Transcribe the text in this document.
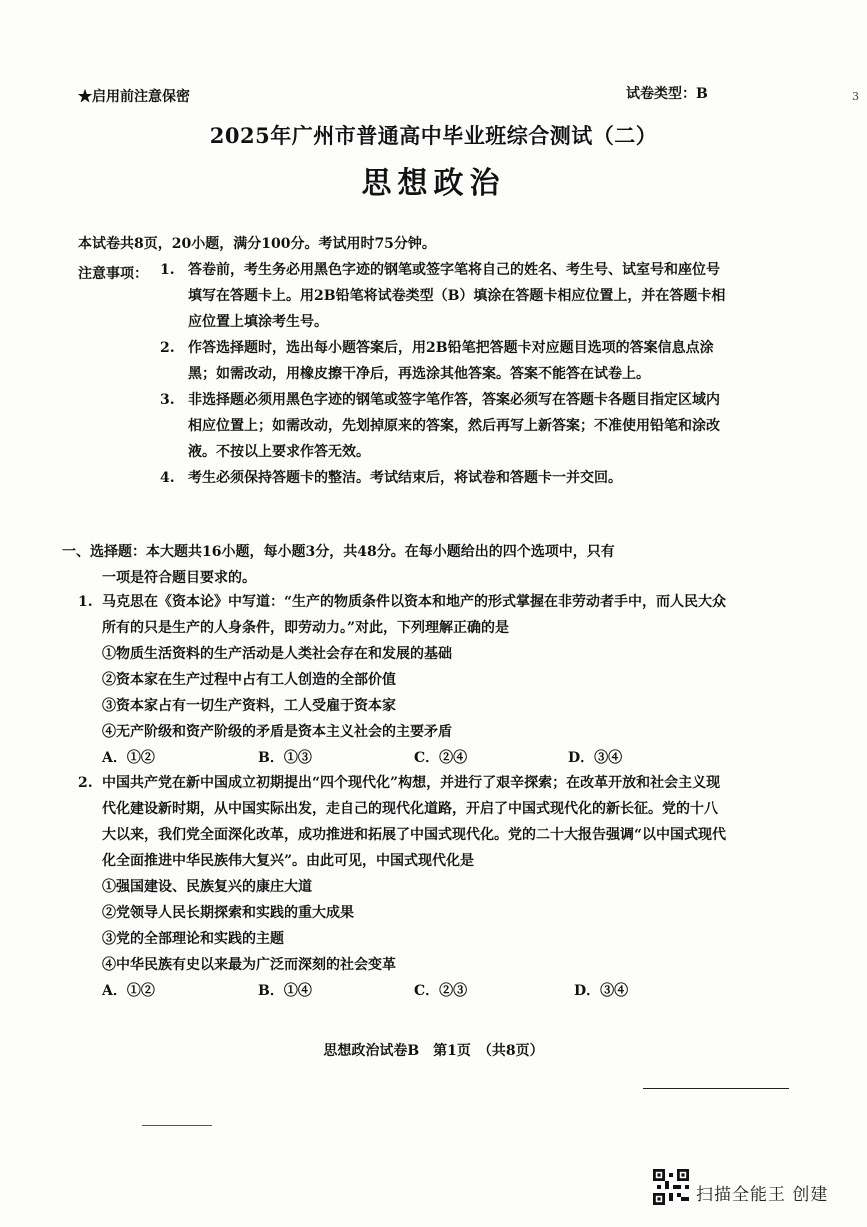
★启用前注意保密	试卷类型：B	3
2025年广州市普通高中毕业班综合测试（二）
思想政治
本试卷共8页，20小题，满分100分。考试用时75分钟。
注意事项： 1. 答卷前，考生务必用黑色字迹的钢笔或签字笔将自己的姓名、考生号、试室号和座位号填写在答题卡上。用2B铅笔将试卷类型（B）填涂在答题卡相应位置上，并在答题卡相应位置上填涂考生号。
2. 作答选择题时，选出每小题答案后，用2B铅笔把答题卡对应题目选项的答案信息点涂黑；如需改动，用橡皮擦干净后，再选涂其他答案。答案不能答在试卷上。
3. 非选择题必须用黑色字迹的钢笔或签字笔作答，答案必须写在答题卡各题目指定区域内相应位置上；如需改动，先划掉原来的答案，然后再写上新答案；不准使用铅笔和涂改液。不按以上要求作答无效。
4. 考生必须保持答题卡的整洁。考试结束后，将试卷和答题卡一并交回。
一、选择题：本大题共16小题，每小题3分，共48分。在每小题给出的四个选项中，只有
一项是符合题目要求的。
1. 马克思在《资本论》中写道：“生产的物质条件以资本和地产的形式掌握在非劳动者手中，而人民大众所有的只是生产的人身条件，即劳动力。”对此，下列理解正确的是
①物质生活资料的生产活动是人类社会存在和发展的基础
②资本家在生产过程中占有工人创造的全部价值
③资本家占有一切生产资料，工人受雇于资本家
④无产阶级和资产阶级的矛盾是资本主义社会的主要矛盾
A．①②	B．①③	C．②④	D．③④
2. 中国共产党在新中国成立初期提出“四个现代化”构想，并进行了艰辛探索；在改革开放和社会主义现代化建设新时期，从中国实际出发，走自己的现代化道路，开启了中国式现代化的新长征。党的十八大以来，我们党全面深化改革，成功推进和拓展了中国式现代化。党的二十大报告强调“以中国式现代化全面推进中华民族伟大复兴”。由此可见，中国式现代化是
①强国建设、民族复兴的康庄大道
②党领导人民长期探索和实践的重大成果
③党的全部理论和实践的主题
④中华民族有史以来最为广泛而深刻的社会变革
A．①②	B．①④	C．②③	D．③④
思想政治试卷B　第1页　（共8页）
扫描全能王 创建
